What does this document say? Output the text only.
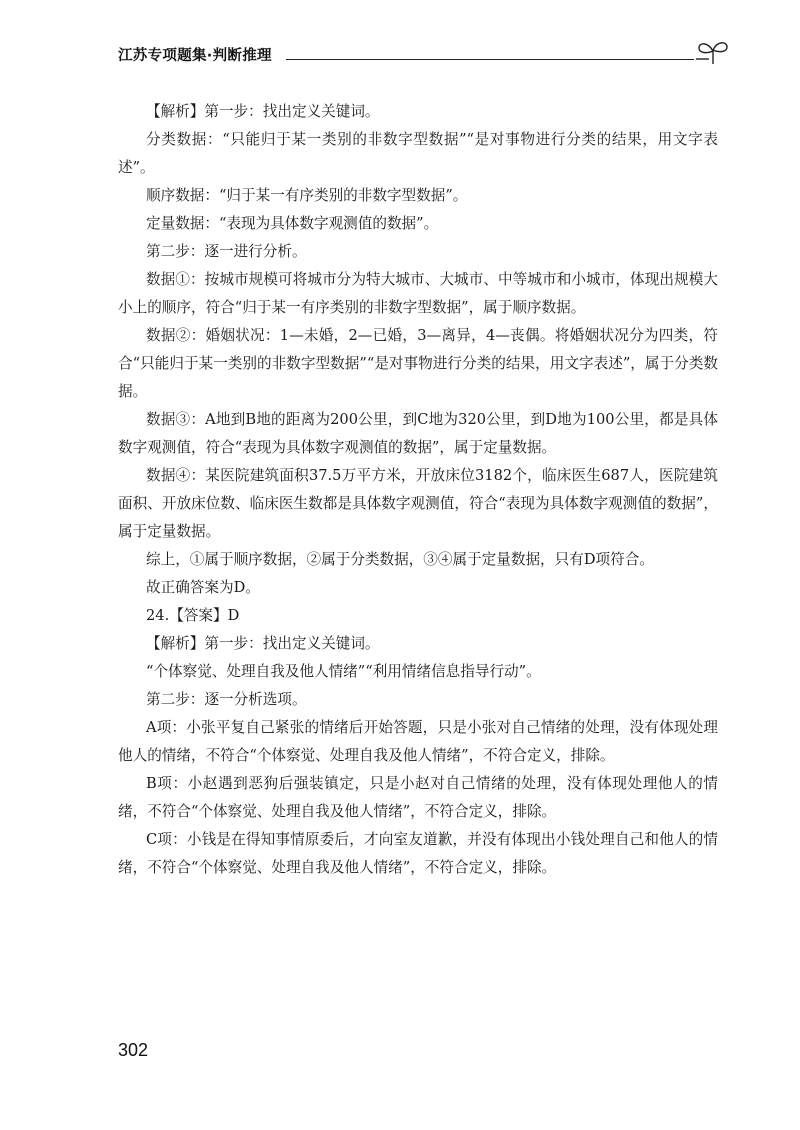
江苏专项题集·判断推理

【解析】第一步：找出定义关键词。

分类数据：“只能归于某一类别的非数字型数据”“是对事物进行分类的结果，用文字表述”。

顺序数据：“归于某一有序类别的非数字型数据”。

定量数据：“表现为具体数字观测值的数据”。

第二步：逐一进行分析。

数据①：按城市规模可将城市分为特大城市、大城市、中等城市和小城市，体现出规模大小上的顺序，符合“归于某一有序类别的非数字型数据”，属于顺序数据。

数据②：婚姻状况：1—未婚，2—已婚，3—离异，4—丧偶。将婚姻状况分为四类，符合“只能归于某一类别的非数字型数据”“是对事物进行分类的结果，用文字表述”，属于分类数据。

数据③：A地到B地的距离为200公里，到C地为320公里，到D地为100公里，都是具体数字观测值，符合“表现为具体数字观测值的数据”，属于定量数据。

数据④：某医院建筑面积37.5万平方米，开放床位3182个，临床医生687人，医院建筑面积、开放床位数、临床医生数都是具体数字观测值，符合“表现为具体数字观测值的数据”，属于定量数据。

综上，①属于顺序数据，②属于分类数据，③④属于定量数据，只有D项符合。

故正确答案为D。

24.【答案】D

【解析】第一步：找出定义关键词。

“个体察觉、处理自我及他人情绪”“利用情绪信息指导行动”。

第二步：逐一分析选项。

A项：小张平复自己紧张的情绪后开始答题，只是小张对自己情绪的处理，没有体现处理他人的情绪，不符合“个体察觉、处理自我及他人情绪”，不符合定义，排除。

B项：小赵遇到恶狗后强装镇定，只是小赵对自己情绪的处理，没有体现处理他人的情绪，不符合“个体察觉、处理自我及他人情绪”，不符合定义，排除。

C项：小钱是在得知事情原委后，才向室友道歉，并没有体现出小钱处理自己和他人的情绪，不符合“个体察觉、处理自我及他人情绪”，不符合定义，排除。

302
